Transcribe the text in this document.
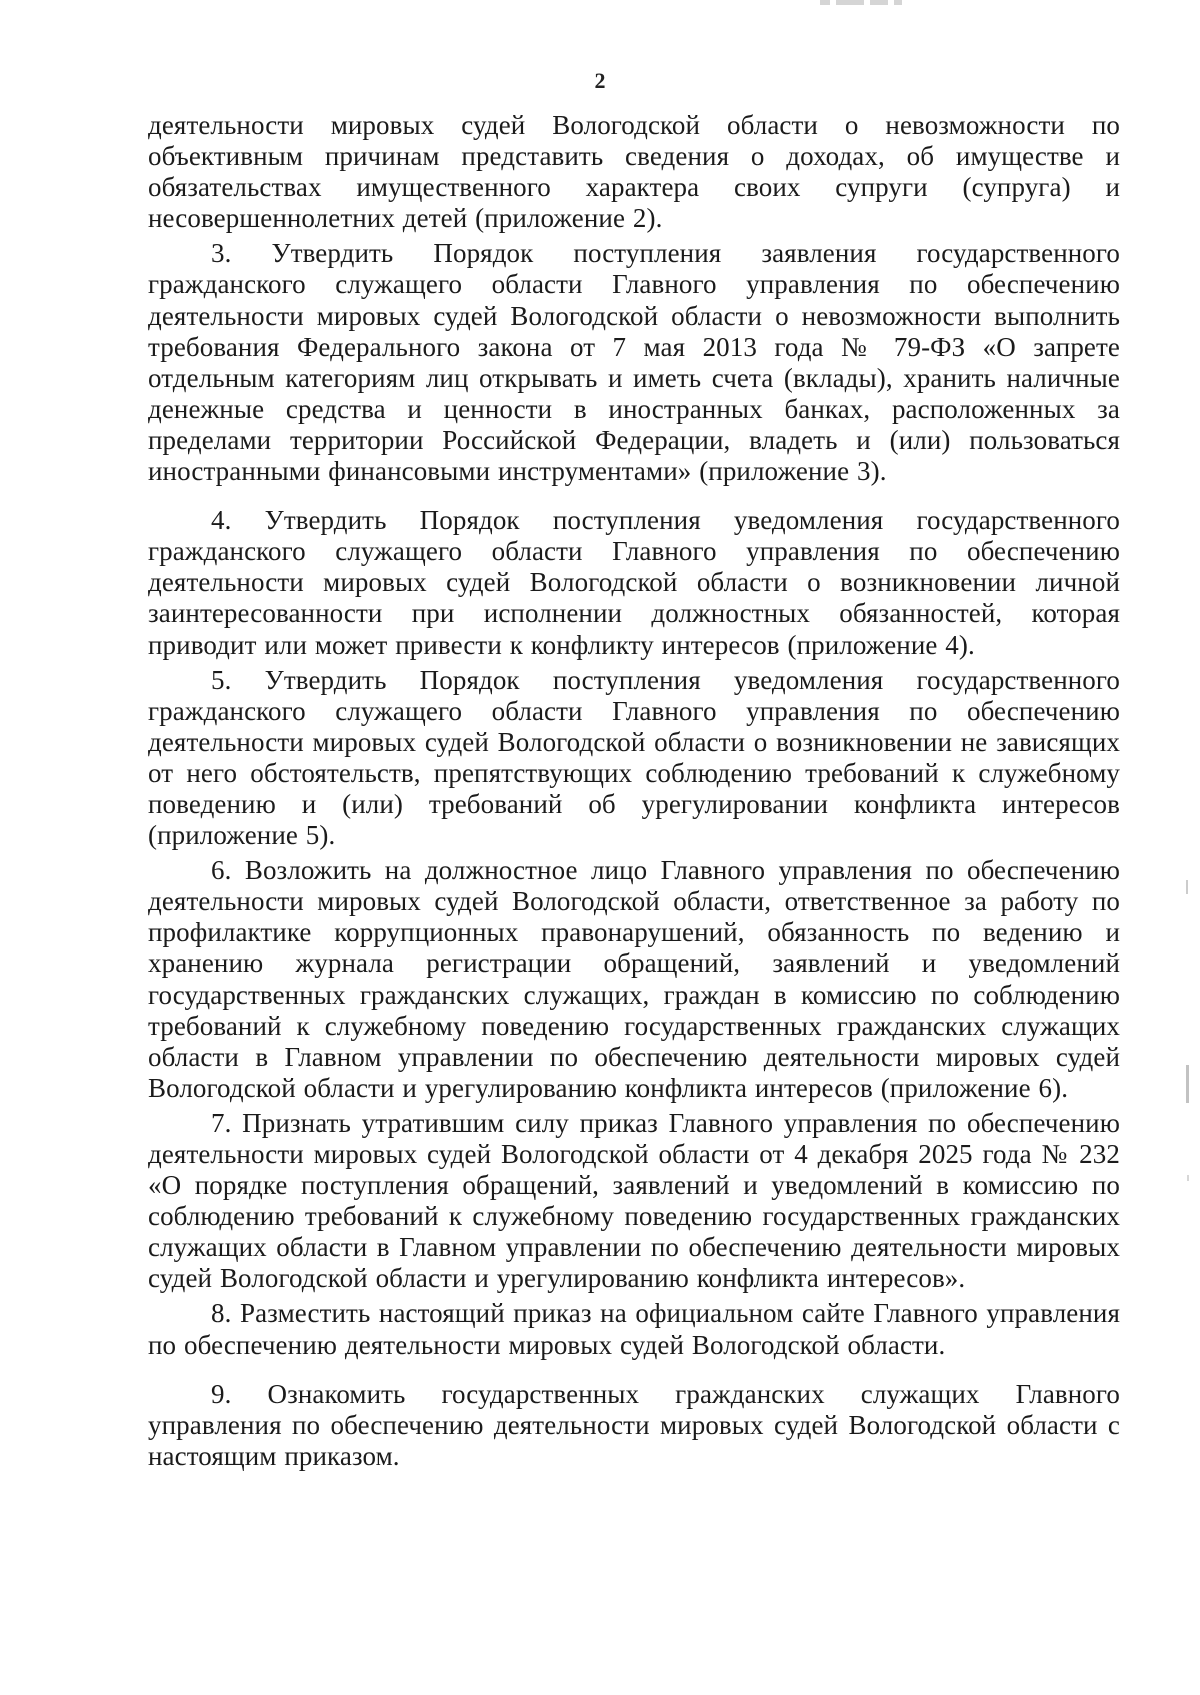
2

деятельности мировых судей Вологодской области о невозможности по объективным причинам представить сведения о доходах, об имуществе и обязательствах имущественного характера своих супруги (супруга) и несовершеннолетних детей (приложение 2).

3. Утвердить Порядок поступления заявления государственного гражданского служащего области Главного управления по обеспечению деятельности мировых судей Вологодской области о невозможности выполнить требования Федерального закона от 7 мая 2013 года № 79-ФЗ «О запрете отдельным категориям лиц открывать и иметь счета (вклады), хранить наличные денежные средства и ценности в иностранных банках, расположенных за пределами территории Российской Федерации, владеть и (или) пользоваться иностранными финансовыми инструментами» (приложение 3).

4. Утвердить Порядок поступления уведомления государственного гражданского служащего области Главного управления по обеспечению деятельности мировых судей Вологодской области о возникновении личной заинтересованности при исполнении должностных обязанностей, которая приводит или может привести к конфликту интересов (приложение 4).

5. Утвердить Порядок поступления уведомления государственного гражданского служащего области Главного управления по обеспечению деятельности мировых судей Вологодской области о возникновении не зависящих от него обстоятельств, препятствующих соблюдению требований к служебному поведению и (или) требований об урегулировании конфликта интересов (приложение 5).

6. Возложить на должностное лицо Главного управления по обеспечению деятельности мировых судей Вологодской области, ответственное за работу по профилактике коррупционных правонарушений, обязанность по ведению и хранению журнала регистрации обращений, заявлений и уведомлений государственных гражданских служащих, граждан в комиссию по соблюдению требований к служебному поведению государственных гражданских служащих области в Главном управлении по обеспечению деятельности мировых судей Вологодской области и урегулированию конфликта интересов (приложение 6).

7. Признать утратившим силу приказ Главного управления по обеспечению деятельности мировых судей Вологодской области от 4 декабря 2025 года № 232 «О порядке поступления обращений, заявлений и уведомлений в комиссию по соблюдению требований к служебному поведению государственных гражданских служащих области в Главном управлении по обеспечению деятельности мировых судей Вологодской области и урегулированию конфликта интересов».

8. Разместить настоящий приказ на официальном сайте Главного управления по обеспечению деятельности мировых судей Вологодской области.

9. Ознакомить государственных гражданских служащих Главного управления по обеспечению деятельности мировых судей Вологодской области с настоящим приказом.
